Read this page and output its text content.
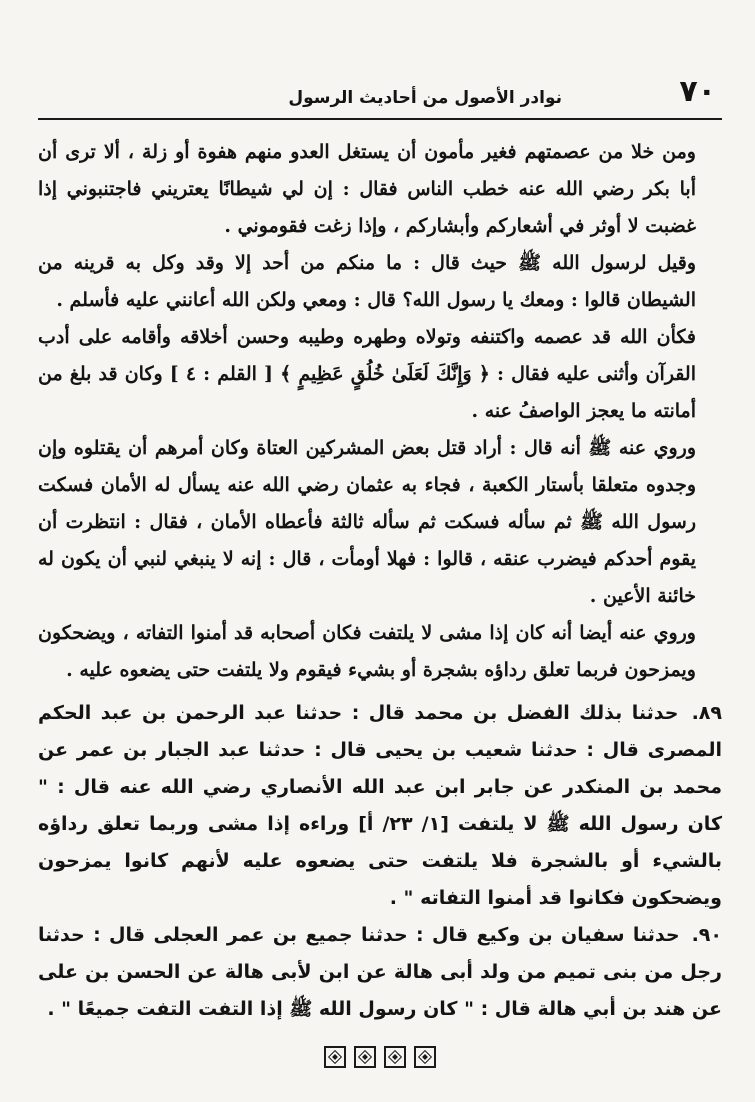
٧٠
نوادر الأصول من أحاديث الرسول

ومن خلا من عصمتهم فغير مأمون أن يستغل العدو منهم هفوة أو زلة ، ألا ترى أن أبا بكر رضي الله عنه خطب الناس فقال : إن لي شيطانًا يعتريني فاجتنبوني إذا غضبت لا أوثر في أشعاركم وأبشاركم ، وإذا زغت فقوموني .

وقيل لرسول الله ﷺ حيث قال : ما منكم من أحد إلا وقد وكل به قرينه من الشيطان قالوا : ومعك يا رسول الله؟ قال : ومعي ولكن الله أعانني عليه فأسلم .

فكأن الله قد عصمه واكتنفه وتولاه وطهره وطيبه وحسن أخلاقه وأقامه على أدب القرآن وأثنى عليه فقال : ﴿ وَإِنَّكَ لَعَلَىٰ خُلُقٍ عَظِيمٍ ﴾ [ القلم : ٤ ] وكان قد بلغ من أمانته ما يعجز الواصفُ عنه .

وروي عنه ﷺ أنه قال : أراد قتل بعض المشركين العتاة وكان أمرهم أن يقتلوه وإن وجدوه متعلقا بأستار الكعبة ، فجاء به عثمان رضي الله عنه يسأل له الأمان فسكت رسول الله ﷺ ثم سأله فسكت ثم سأله ثالثة فأعطاه الأمان ، فقال : انتظرت أن يقوم أحدكم فيضرب عنقه ، قالوا : فهلا أومأت ، قال : إنه لا ينبغي لنبي أن يكون له خائنة الأعين .

وروي عنه أيضا أنه كان إذا مشى لا يلتفت فكان أصحابه قد أمنوا التفاته ، ويضحكون ويمزحون فربما تعلق رداؤه بشجرة أو بشيء فيقوم ولا يلتفت حتى يضعوه عليه .

٨٩. حدثنا بذلك الفضل بن محمد قال : حدثنا عبد الرحمن بن عبد الحكم المصرى قال : حدثنا شعيب بن يحيى قال : حدثنا عبد الجبار بن عمر عن محمد بن المنكدر عن جابر ابن عبد الله الأنصاري رضي الله عنه قال : " كان رسول الله ﷺ لا يلتفت [١/ ٢٣/ أ] وراءه إذا مشى وربما تعلق رداؤه بالشيء أو بالشجرة فلا يلتفت حتى يضعوه عليه لأنهم كانوا يمزحون ويضحكون فكانوا قد أمنوا التفاته " .

٩٠. حدثنا سفيان بن وكيع قال : حدثنا جميع بن عمر العجلى قال : حدثنا رجل من بنى تميم من ولد أبى هالة عن ابن لأبى هالة عن الحسن بن على عن هند بن أبي هالة قال : " كان رسول الله ﷺ إذا التفت التفت جميعًا " .
